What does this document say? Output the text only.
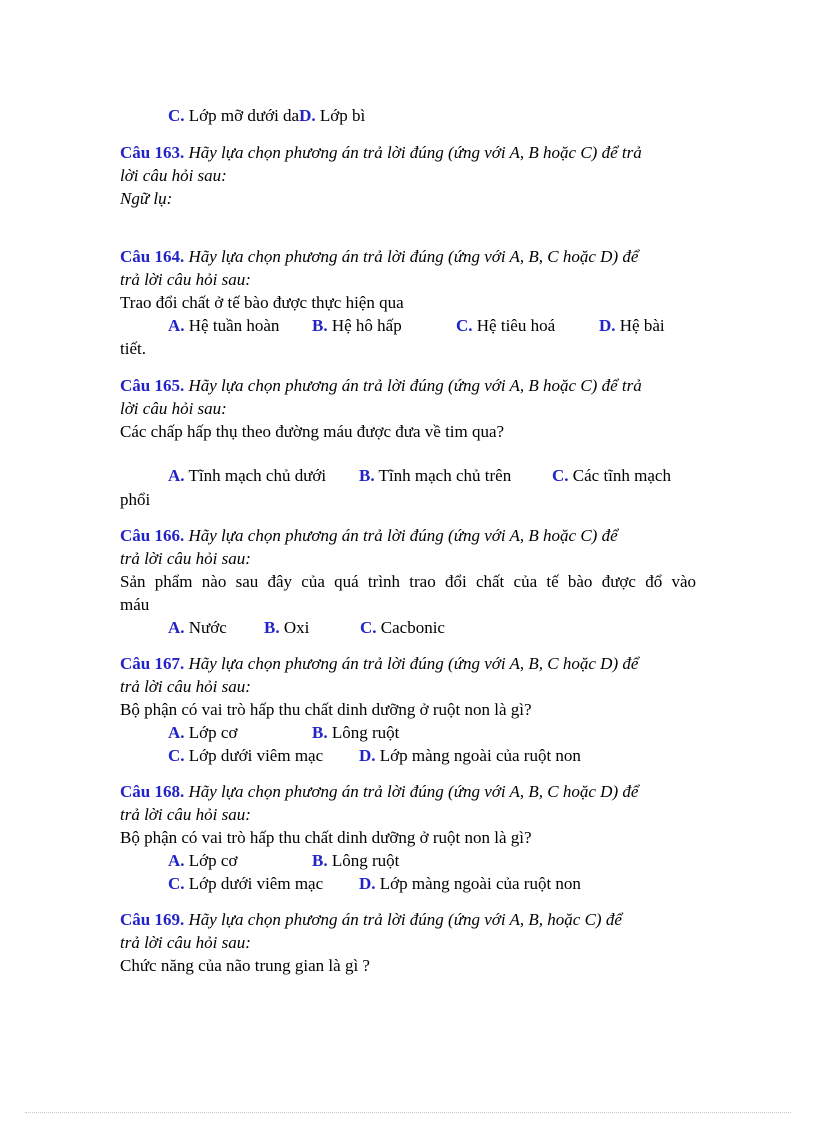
C. Lớp mỡ dưới daD. Lớp bì
Câu 163. Hãy lựa chọn phương án trả lời đúng (ứng với A, B hoặc C) để trả
lời câu hỏi sau:
Ngữ lụ:
Câu 164. Hãy lựa chọn phương án trả lời đúng (ứng với A, B, C hoặc D) để
trả lời câu hỏi sau:
Trao đổi chất ở tế bào được thực hiện qua
A. Hệ tuần hoàn B. Hệ hô hấp	C. Hệ tiêu hoá	D. Hệ bài
tiết.
Câu 165. Hãy lựa chọn phương án trả lời đúng (ứng với A, B hoặc C) để trả
lời câu hỏi sau:
Các chấp hấp thụ theo đường máu được đưa về tim qua?
A. Tĩnh mạch chủ dưới B. Tĩnh mạch chủ trên C. Các tĩnh mạch
phổi
Câu 166. Hãy lựa chọn phương án trả lời đúng (ứng với A, B hoặc C) để
trả lời câu hỏi sau:
Sản phẩm nào sau đây của quá trình trao đổi chất của tế bào được đổ vào
máu
A. Nước B. Oxi	C. Cacbonic
Câu 167. Hãy lựa chọn phương án trả lời đúng (ứng với A, B, C hoặc D) để
trả lời câu hỏi sau:
Bộ phận có vai trò hấp thu chất dinh dưỡng ở ruột non là gì?
A. Lớp cơ	B. Lông ruột
C. Lớp dưới viêm mạc D. Lớp màng ngoài của ruột non
Câu 168. Hãy lựa chọn phương án trả lời đúng (ứng với A, B, C hoặc D) để
trả lời câu hỏi sau:
Bộ phận có vai trò hấp thu chất dinh dưỡng ở ruột non là gì?
A. Lớp cơ	B. Lông ruột
C. Lớp dưới viêm mạc D. Lớp màng ngoài của ruột non
Câu 169. Hãy lựa chọn phương án trả lời đúng (ứng với A, B, hoặc C) để
trả lời câu hỏi sau:
Chức năng của não trung gian là gì ?
